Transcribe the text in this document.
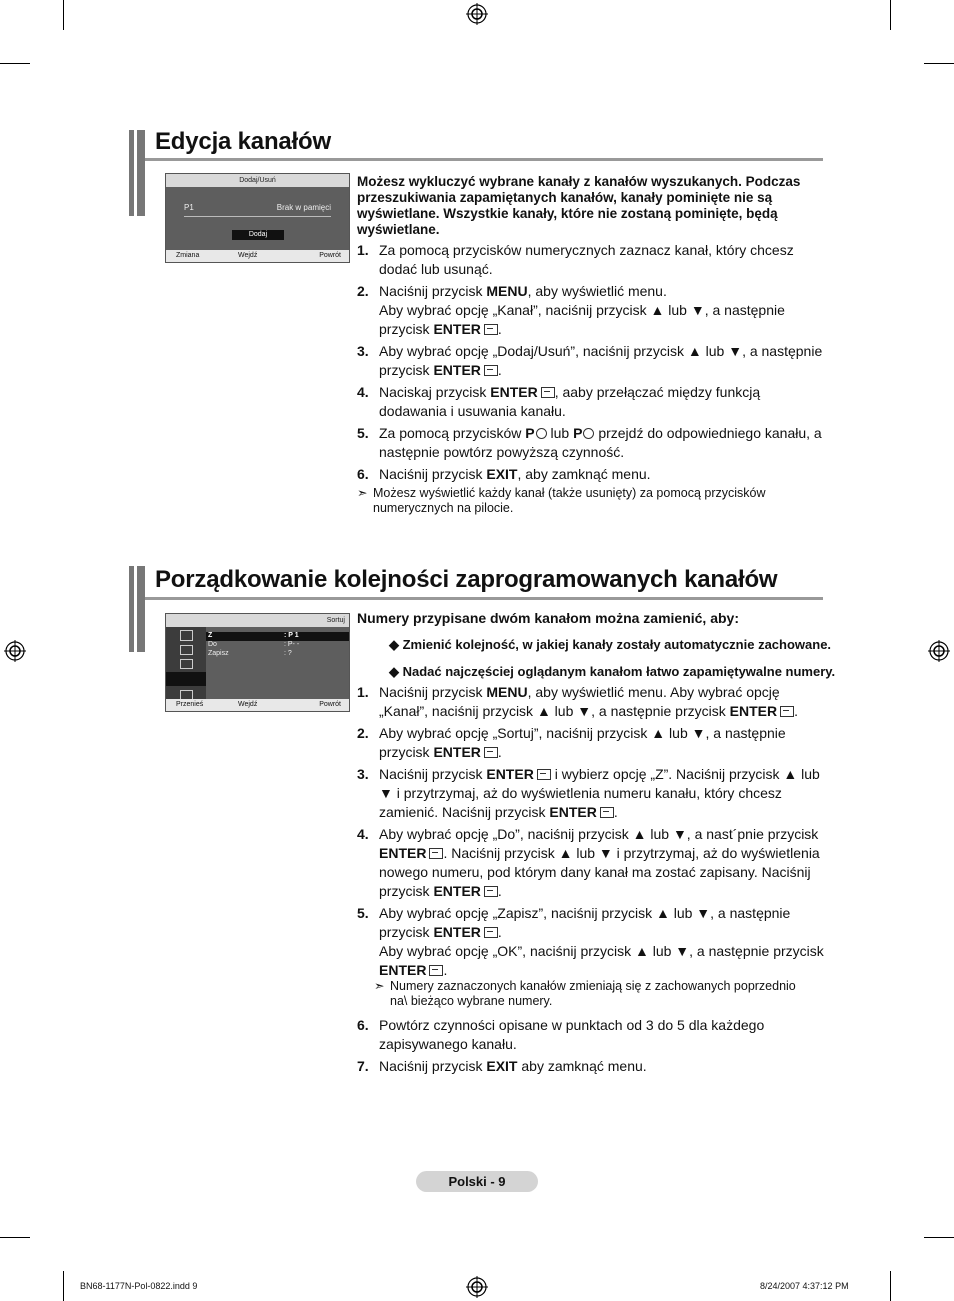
Edycja kanałów
Dodaj/Usuń
P1	Brak w pamięci
Dodaj
Zmiana	Wejdź	Powrót
Możesz wykluczyć wybrane kanały z kanałów wyszukanych. Podczas przeszukiwania zapamiętanych kanałów, kanały pominięte nie są wyświetlane. Wszystkie kanały, które nie zostaną pominięte, będą wyświetlane.
1. Za pomocą przycisków numerycznych zaznacz kanał, który chcesz dodać lub usunąć.
2. Naciśnij przycisk MENU, aby wyświetlić menu.
Aby wybrać opcję „Kanał”, naciśnij przycisk ▲ lub ▼, a następnie przycisk ENTER .
3. Aby wybrać opcję „Dodaj/Usuń”, naciśnij przycisk ▲ lub ▼, a następnie przycisk ENTER .
4. Naciskaj przycisk ENTER , aaby przełączać między funkcją dodawania i usuwania kanału.
5. Za pomocą przycisków P lub P przejdź do odpowiedniego kanału, a następnie powtórz powyższą czynność.
6. Naciśnij przycisk EXIT, aby zamknąć menu.
➣ Możesz wyświetlić każdy kanał (także usunięty) za pomocą przycisków numerycznych na pilocie.
Porządkowanie kolejności zaprogramowanych kanałów
Sortuj
Z	: P 1
Do	: P- -
Zapisz	: ?
Przenieś	Wejdź	Powrót
Numery przypisane dwóm kanałom można zamienić, aby:
◆ Zmienić kolejność, w jakiej kanały zostały automatycznie zachowane.
◆ Nadać najczęściej oglądanym kanałom łatwo zapamiętywalne numery.
1. Naciśnij przycisk MENU, aby wyświetlić menu. Aby wybrać opcję „Kanał”, naciśnij przycisk ▲ lub ▼, a następnie przycisk ENTER .
2. Aby wybrać opcję „Sortuj”, naciśnij przycisk ▲ lub ▼, a następnie przycisk ENTER .
3. Naciśnij przycisk ENTER i wybierz opcję „Z”. Naciśnij przycisk ▲ lub ▼ i przytrzymaj, aż do wyświetlenia numeru kanału, który chcesz zamienić. Naciśnij przycisk ENTER .
4. Aby wybrać opcję „Do”, naciśnij przycisk ▲ lub ▼, a nast´pnie przycisk ENTER . Naciśnij przycisk ▲ lub ▼ i przytrzymaj, aż do wyświetlenia nowego numeru, pod którym dany kanał ma zostać zapisany. Naciśnij przycisk ENTER .
5. Aby wybrać opcję „Zapisz”, naciśnij przycisk ▲ lub ▼, a następnie przycisk ENTER .
Aby wybrać opcję „OK”, naciśnij przycisk ▲ lub ▼, a następnie przycisk ENTER .
➣ Numery zaznaczonych kanałów zmieniają się z zachowanych poprzednio na\ bieżąco wybrane numery.
6. Powtórz czynności opisane w punktach od 3 do 5 dla każdego zapisywanego kanału.
7. Naciśnij przycisk EXIT aby zamknąć menu.
Polski - 9
BN68-1177N-Pol-0822.indd 9	8/24/2007 4:37:12 PM
